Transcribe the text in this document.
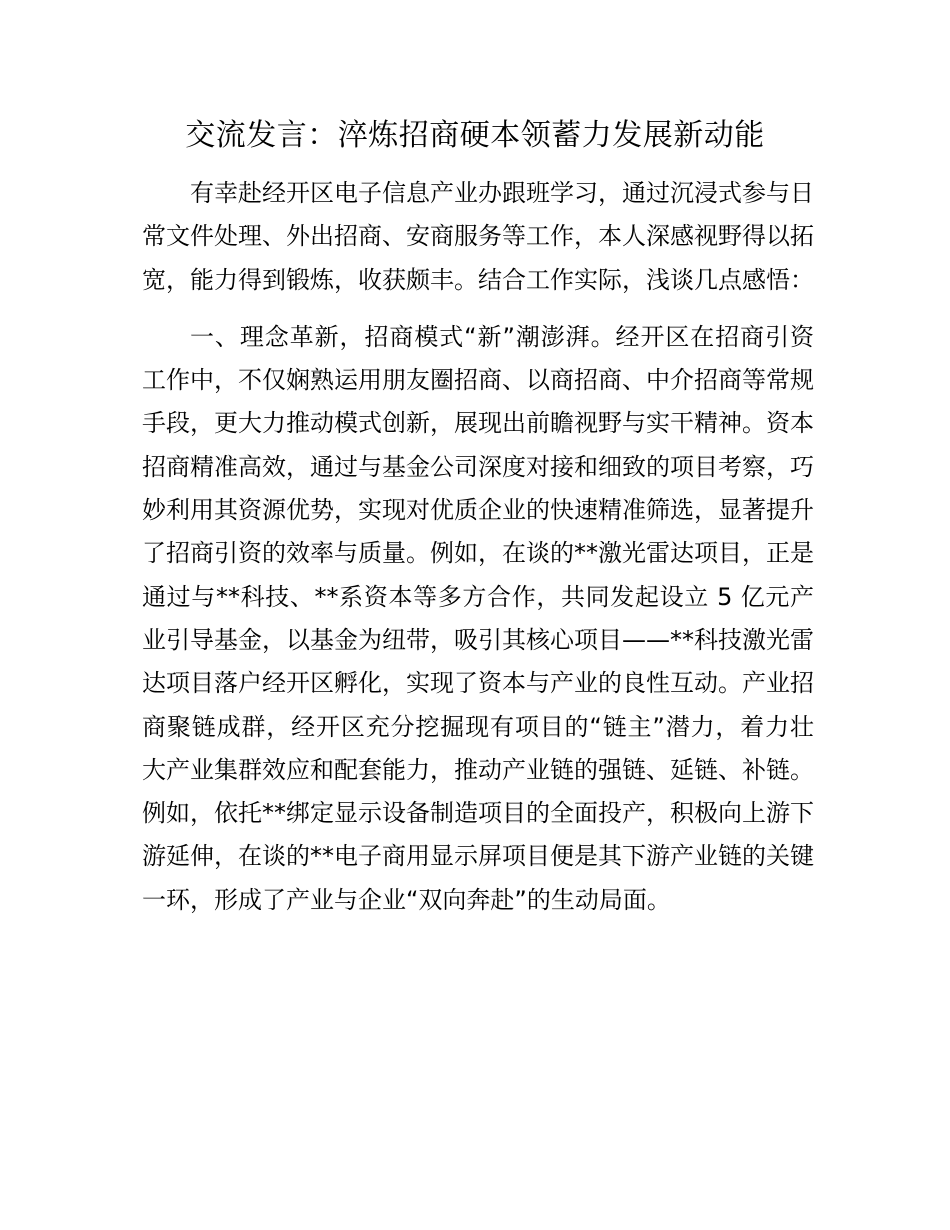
交流发言：淬炼招商硬本领蓄力发展新动能

有幸赴经开区电子信息产业办跟班学习，通过沉浸式参与日常文件处理、外出招商、安商服务等工作，本人深感视野得以拓宽，能力得到锻炼，收获颇丰。结合工作实际，浅谈几点感悟：

一、理念革新，招商模式“新”潮澎湃。经开区在招商引资工作中，不仅娴熟运用朋友圈招商、以商招商、中介招商等常规手段，更大力推动模式创新，展现出前瞻视野与实干精神。资本招商精准高效，通过与基金公司深度对接和细致的项目考察，巧妙利用其资源优势，实现对优质企业的快速精准筛选，显著提升了招商引资的效率与质量。例如，在谈的**激光雷达项目，正是通过与**科技、**系资本等多方合作，共同发起设立 5 亿元产业引导基金，以基金为纽带，吸引其核心项目——**科技激光雷达项目落户经开区孵化，实现了资本与产业的良性互动。产业招商聚链成群，经开区充分挖掘现有项目的“链主”潜力，着力壮大产业集群效应和配套能力，推动产业链的强链、延链、补链。例如，依托**绑定显示设备制造项目的全面投产，积极向上游下游延伸，在谈的**电子商用显示屏项目便是其下游产业链的关键一环，形成了产业与企业“双向奔赴”的生动局面。
